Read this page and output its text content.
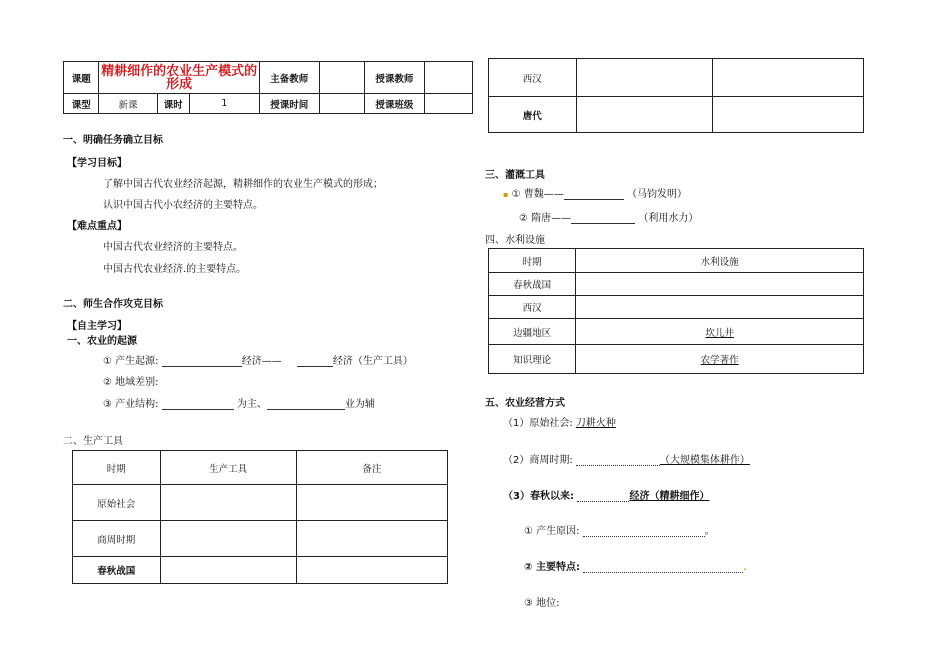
课题	精耕细作的农业生产模式的形成			主备教师		授课教师	
课型	新课	课时	1	授课时间		授课班级	
一、明确任务确立目标
【学习目标】
了解中国古代农业经济起源，精耕细作的农业生产模式的形成；
认识中国古代小农经济的主要特点。
【难点重点】
中国古代农业经济的主要特点。
中国古代农业经济.的主要特点。
二、师生合作攻克目标
【自主学习】
一、农业的起源
① 产生起源:	经济——	经济（生产工具）
② 地域差别:
③ 产业结构:	为主、	业为辅
二、生产工具
时期	生产工具	备注
原始社会		
商周时期		
春秋战国		
西汉		
唐代		
三、灌溉工具
▪ ① 曹魏——	（马钧发明）
② 隋唐——	（利用水力）
四、水利设施
时期	水利设施
春秋战国	
西汉	
边疆地区	坎儿井
知识理论	农学著作
五、农业经营方式
（1）原始社会: 刀耕火种
（2）商周时期:	（大规模集体耕作）
（3）春秋以来:	经济（精耕细作）
① 产生原因:	。
② 主要特点:	.
③ 地位:
